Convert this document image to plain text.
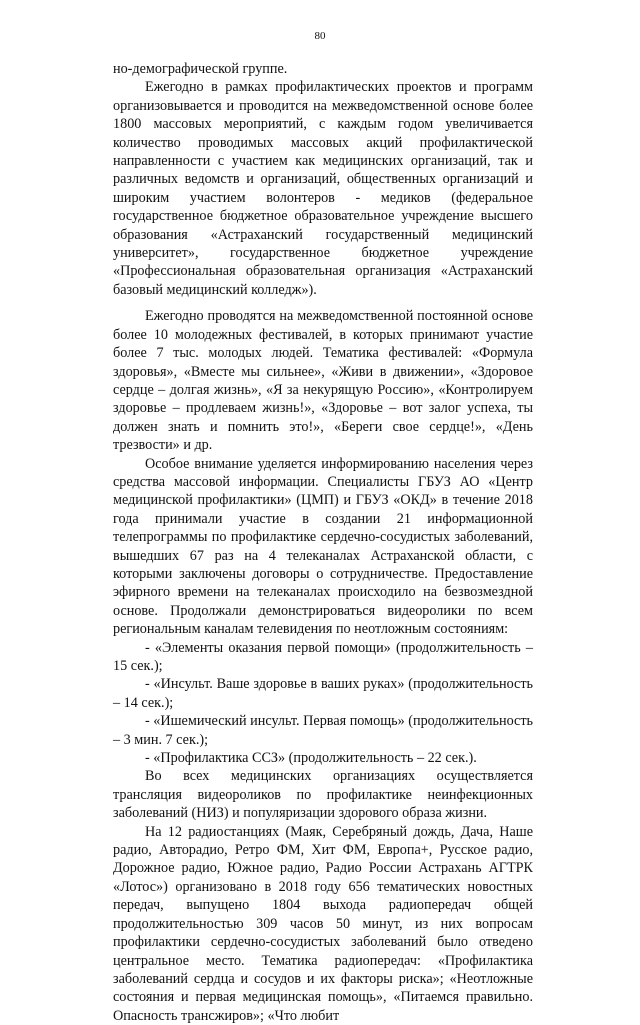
80

но-демографической группе.

Ежегодно в рамках профилактических проектов и программ организовывается и проводится на межведомственной основе более 1800 массовых мероприятий, с каждым годом увеличивается количество проводимых массовых акций профилактической направленности с участием как медицинских организаций, так и различных ведомств и организаций, общественных организаций и широким участием волонтеров - медиков (федеральное государственное бюджетное образовательное учреждение высшего образования «Астраханский государственный медицинский университет», государственное бюджетное учреждение «Профессиональная образовательная организация «Астраханский базовый медицинский колледж»).

Ежегодно проводятся на межведомственной постоянной основе более 10 молодежных фестивалей, в которых принимают участие более 7 тыс. молодых людей. Тематика фестивалей: «Формула здоровья», «Вместе мы сильнее», «Живи в движении», «Здоровое сердце – долгая жизнь», «Я за некурящую Россию», «Контролируем здоровье – продлеваем жизнь!», «Здоровье – вот залог успеха, ты должен знать и помнить это!», «Береги свое сердце!», «День трезвости» и др.

Особое внимание уделяется информированию населения через средства массовой информации. Специалисты ГБУЗ АО «Центр медицинской профилактики» (ЦМП) и ГБУЗ «ОКД» в течение 2018 года принимали участие в создании 21 информационной телепрограммы по профилактике сердечно-сосудистых заболеваний, вышедших 67 раз на 4 телеканалах Астраханской области, с которыми заключены договоры о сотрудничестве. Предоставление эфирного времени на телеканалах происходило на безвозмездной основе. Продолжали демонстрироваться видеоролики по всем региональным каналам телевидения по неотложным состояниям:

- «Элементы оказания первой помощи» (продолжительность – 15 сек.);

- «Инсульт. Ваше здоровье в ваших руках» (продолжительность – 14 сек.);

- «Ишемический инсульт. Первая помощь» (продолжительность – 3 мин. 7 сек.);

- «Профилактика ССЗ» (продолжительность – 22 сек.).

Во всех медицинских организациях осуществляется трансляция видеороликов по профилактике неинфекционных заболеваний (НИЗ) и популяризации здорового образа жизни.

На 12 радиостанциях (Маяк, Серебряный дождь, Дача, Наше радио, Авторадио, Ретро ФМ, Хит ФМ, Европа+, Русское радио, Дорожное радио, Южное радио, Радио России Астрахань АГТРК «Лотос») организовано в 2018 году 656 тематических новостных передач, выпущено 1804 выхода радиопередач общей продолжительностью 309 часов 50 минут, из них вопросам профилактики сердечно-сосудистых заболеваний было отведено центральное место. Тематика радиопередач: «Профилактика заболеваний сердца и сосудов и их факторы риска»; «Неотложные состояния и первая медицинская помощь», «Питаемся правильно. Опасность трансжиров»; «Что любит
